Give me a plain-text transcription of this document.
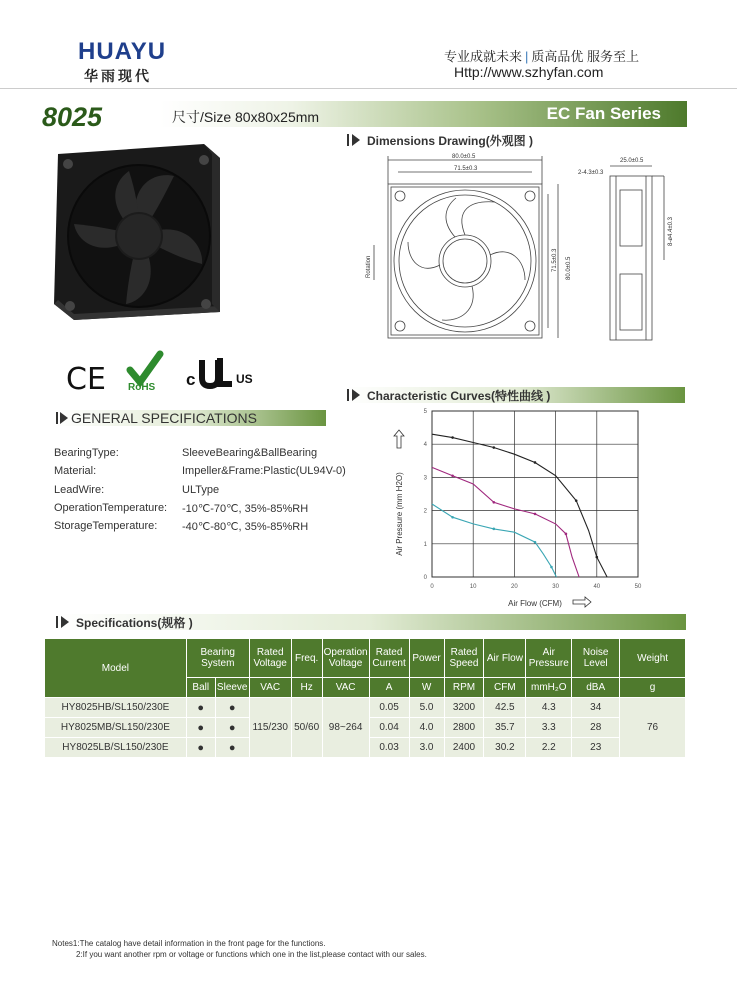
HUAYU
华雨现代
专业成就未来 | 质高品优 服务至上
Http://www.szhyfan.com
8025	尺寸/Size 80x80x25mm	EC Fan Series
CE RoHS c	US
Dimensions Drawing(外观图 )
80.0±0.5
71.5±0.3
25.0±0.5
2-4.3±0.3
80.0±0.5
71.5±0.3
8-ø4.4±0.3
Rotation
GENERAL SPECIFICATIONS
BearingType:	SleeveBearing&BallBearing
Material:	Impeller&Frame:Plastic(UL94V-0)
LeadWire:	ULType
OperationTemperature: -10℃-70℃, 35%-85%RH
StorageTemperature: -40℃-80℃, 35%-85%RH
Characteristic Curves(特性曲线 )
0	10	20	30	40	50
0
1
2
3
4
5
Air Flow (CFM)
Air Pressure (mm H2O)
Specifications(规格 )
Model	Bearing System		Rated Voltage	Freq.	Operation Voltage	Rated Current	Power	Rated Speed	Air Flow	Air Pressure	Noise Level	Weight
	Ball	Sleeve	VAC	Hz	VAC	A	W	RPM	CFM	mmH₂O	dBA	g
HY8025HB/SL150/230E	●	●	115/230	50/60	98~264	0.05	5.0	3200	42.5	4.3	34	76
HY8025MB/SL150/230E	●	●				0.04	4.0	2800	35.7	3.3	28	
HY8025LB/SL150/230E	●	●				0.03	3.0	2400	30.2	2.2	23	
Notes1:The catalog have detail information in the front page for the functions.
2:If you want another rpm or voltage or functions which one in the list,please contact with our sales.
